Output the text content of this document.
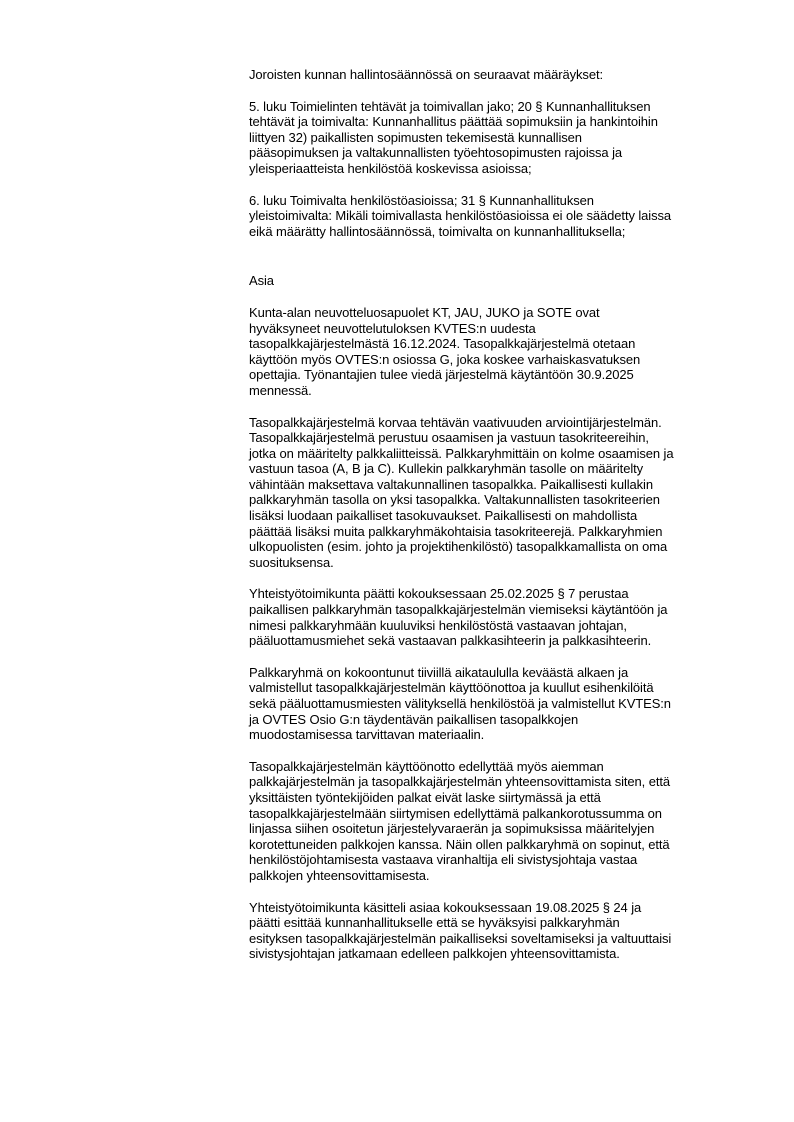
Joroisten kunnan hallintosäännössä on seuraavat määräykset:

5. luku Toimielinten tehtävät ja toimivallan jako; 20 § Kunnanhallituksen
tehtävät ja toimivalta: Kunnanhallitus päättää sopimuksiin ja hankintoihin
liittyen 32) paikallisten sopimusten tekemisestä kunnallisen
pääsopimuksen ja valtakunnallisten työehtosopimusten rajoissa ja
yleisperiaatteista henkilöstöä koskevissa asioissa;

6. luku Toimivalta henkilöstöasioissa; 31 § Kunnanhallituksen
yleistoimivalta: Mikäli toimivallasta henkilöstöasioissa ei ole säädetty laissa
eikä määrätty hallintosäännössä, toimivalta on kunnanhallituksella;

Asia

Kunta-alan neuvotteluosapuolet KT, JAU, JUKO ja SOTE ovat
hyväksyneet neuvottelutuloksen KVTES:n uudesta
tasopalkkajärjestelmästä 16.12.2024. Tasopalkkajärjestelmä otetaan
käyttöön myös OVTES:n osiossa G, joka koskee varhaiskasvatuksen
opettajia. Työnantajien tulee viedä järjestelmä käytäntöön 30.9.2025
mennessä.

Tasopalkkajärjestelmä korvaa tehtävän vaativuuden arviointijärjestelmän.
Tasopalkkajärjestelmä perustuu osaamisen ja vastuun tasokriteereihin,
jotka on määritelty palkkaliitteissä. Palkkaryhmittäin on kolme osaamisen ja
vastuun tasoa (A, B ja C). Kullekin palkkaryhmän tasolle on määritelty
vähintään maksettava valtakunnallinen tasopalkka. Paikallisesti kullakin
palkkaryhmän tasolla on yksi tasopalkka. Valtakunnallisten tasokriteerien
lisäksi luodaan paikalliset tasokuvaukset. Paikallisesti on mahdollista
päättää lisäksi muita palkkaryhmäkohtaisia tasokriteerejä. Palkkaryhmien
ulkopuolisten (esim. johto ja projektihenkilöstö) tasopalkkamallista on oma
suosituksensa.

Yhteistyötoimikunta päätti kokouksessaan 25.02.2025 § 7 perustaa
paikallisen palkkaryhmän tasopalkkajärjestelmän viemiseksi käytäntöön ja
nimesi palkkaryhmään kuuluviksi henkilöstöstä vastaavan johtajan,
pääluottamusmiehet sekä vastaavan palkkasihteerin ja palkkasihteerin.

Palkkaryhmä on kokoontunut tiiviillä aikataululla keväästä alkaen ja
valmistellut tasopalkkajärjestelmän käyttöönottoa ja kuullut esihenkilöitä
sekä pääluottamusmiesten välityksellä henkilöstöä ja valmistellut KVTES:n
ja OVTES Osio G:n täydentävän paikallisen tasopalkkojen
muodostamisessa tarvittavan materiaalin.

Tasopalkkajärjestelmän käyttöönotto edellyttää myös aiemman
palkkajärjestelmän ja tasopalkkajärjestelmän yhteensovittamista siten, että
yksittäisten työntekijöiden palkat eivät laske siirtymässä ja että
tasopalkkajärjestelmään siirtymisen edellyttämä palkankorotussumma on
linjassa siihen osoitetun järjestelyvaraerän ja sopimuksissa määritelyjen
korotettuneiden palkkojen kanssa. Näin ollen palkkaryhmä on sopinut, että
henkilöstöjohtamisesta vastaava viranhaltija eli sivistysjohtaja vastaa
palkkojen yhteensovittamisesta.

Yhteistyötoimikunta käsitteli asiaa kokouksessaan 19.08.2025 § 24 ja
päätti esittää kunnanhallitukselle että se hyväksyisi palkkaryhmän
esityksen tasopalkkajärjestelmän paikalliseksi soveltamiseksi ja valtuuttaisi
sivistysjohtajan jatkamaan edelleen palkkojen yhteensovittamista.
